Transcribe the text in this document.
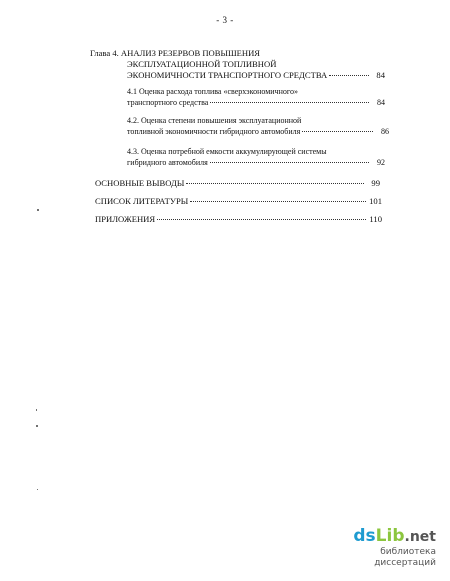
- 3 -
Глава 4. АНАЛИЗ РЕЗЕРВОВ ПОВЫШЕНИЯ
ЭКСПЛУАТАЦИОННОЙ ТОПЛИВНОЙ
ЭКОНОМИЧНОСТИ ТРАНСПОРТНОГО СРЕДСТВА	84
4.1 Оценка расхода топлива «сверхэкономичного»
транспортного средства	84
4.2. Оценка степени повышения эксплуатационной
топливной экономичности гибридного автомобиля	86
4.3. Оценка потребной емкости аккумулирующей системы
гибридного автомобиля	92
ОСНОВНЫЕ ВЫВОДЫ	99
СПИСОК ЛИТЕРАТУРЫ	101
ПРИЛОЖЕНИЯ	110
dsLib.net
библиотека диссертаций
